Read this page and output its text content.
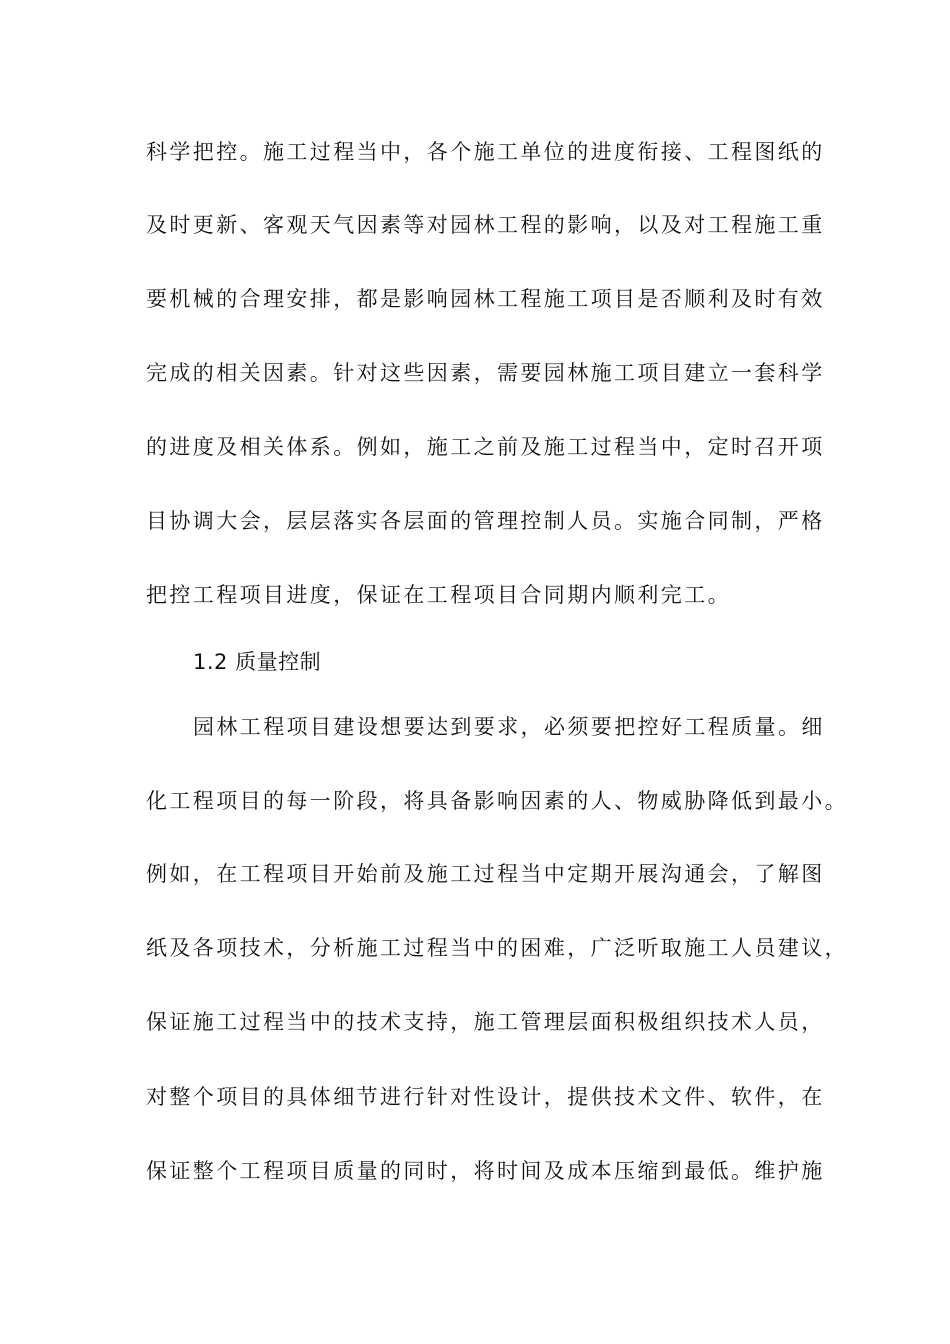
科学把控。施工过程当中，各个施工单位的进度衔接、工程图纸的
及时更新、客观天气因素等对园林工程的影响，以及对工程施工重
要机械的合理安排，都是影响园林工程施工项目是否顺利及时有效
完成的相关因素。针对这些因素，需要园林施工项目建立一套科学
的进度及相关体系。例如，施工之前及施工过程当中，定时召开项
目协调大会，层层落实各层面的管理控制人员。实施合同制，严格
把控工程项目进度，保证在工程项目合同期内顺利完工。
1.2 质量控制
园林工程项目建设想要达到要求，必须要把控好工程质量。细
化工程项目的每一阶段，将具备影响因素的人、物威胁降低到最小。
例如，在工程项目开始前及施工过程当中定期开展沟通会，了解图
纸及各项技术，分析施工过程当中的困难，广泛听取施工人员建议，
保证施工过程当中的技术支持，施工管理层面积极组织技术人员，
对整个项目的具体细节进行针对性设计，提供技术文件、软件，在
保证整个工程项目质量的同时，将时间及成本压缩到最低。维护施
